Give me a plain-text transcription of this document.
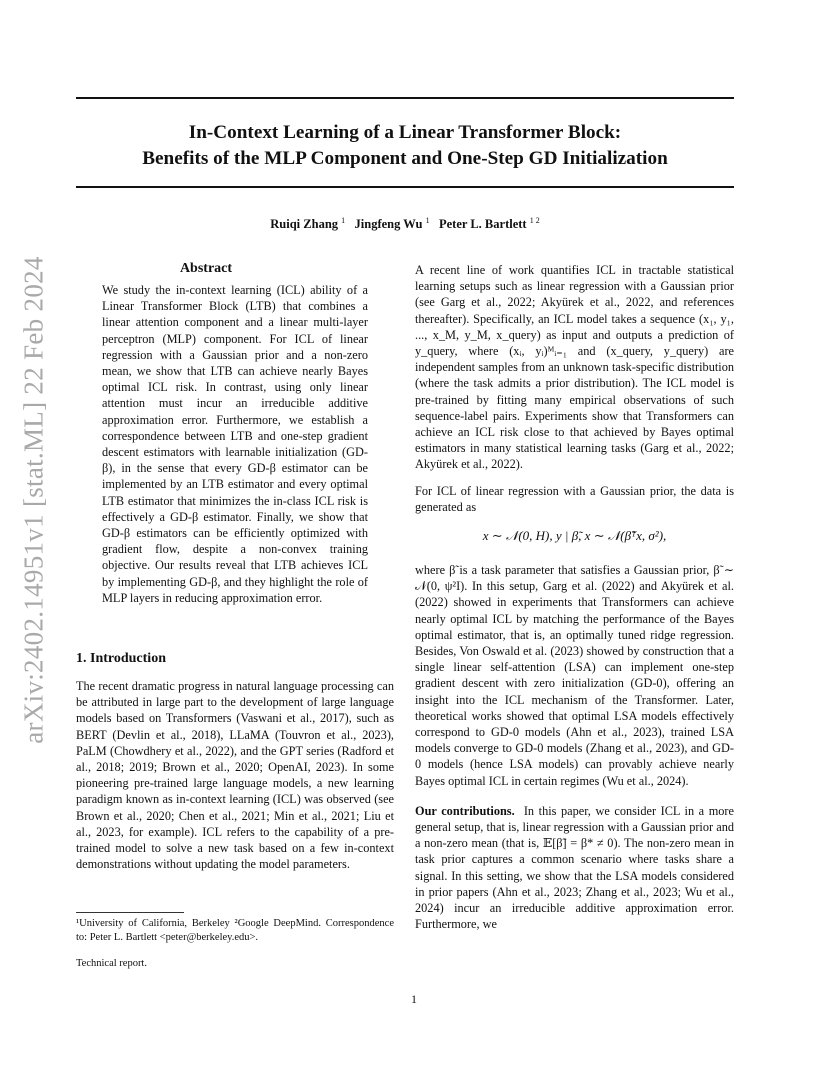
In-Context Learning of a Linear Transformer Block:
Benefits of the MLP Component and One-Step GD Initialization
Ruiqi Zhang $^1$ Jingfeng Wu $^1$ Peter L. Bartlett $^{1 2}$
arXiv:2402.14951v1 [stat.ML] 22 Feb 2024	Abstract

We study the in-context learning (ICL) ability of a Linear Transformer Block (LTB) that combines a linear attention component and a linear multi-layer perceptron (MLP) component. For ICL of linear regression with a Gaussian prior and a non-zero mean, we show that LTB can achieve nearly Bayes optimal ICL risk. In contrast, using only linear attention must incur an irreducible additive approximation error. Furthermore, we establish a correspondence between LTB and one-step gradient descent estimators with learnable initialization (GD-β), in the sense that every GD-β estimator can be implemented by an LTB estimator and every optimal LTB estimator that minimizes the in-class ICL risk is effectively a GD-β estimator. Finally, we show that GD-β estimators can be efficiently optimized with gradient flow, despite a non-convex training objective. Our results reveal that LTB achieves ICL by implementing GD-β, and they highlight the role of MLP layers in reducing approximation error.

1. Introduction

The recent dramatic progress in natural language processing can be attributed in large part to the development of large language models based on Transformers (Vaswani et al., 2017), such as BERT (Devlin et al., 2018), LLaMA (Touvron et al., 2023), PaLM (Chowdhery et al., 2022), and the GPT series (Radford et al., 2018; 2019; Brown et al., 2020; OpenAI, 2023). In some pioneering pre-trained large language models, a new learning paradigm known as in-context learning (ICL) was observed (see Brown et al., 2020; Chen et al., 2021; Min et al., 2021; Liu et al., 2023, for example). ICL refers to the capability of a pre-trained model to solve a new task based on a few in-context demonstrations without updating the model parameters.

¹University of California, Berkeley ²Google DeepMind. Correspondence to: Peter L. Bartlett <peter@berkeley.edu>.
Technical report.

A recent line of work quantifies ICL in tractable statistical learning setups such as linear regression with a Gaussian prior (see Garg et al., 2022; Akyürek et al., 2022, and references thereafter). Specifically, an ICL model takes a sequence (x₁, y₁, ..., x_M, y_M, x_query) as input and outputs a prediction of y_query, where (xᵢ, yᵢ)ᴹᵢ₌₁ and (x_query, y_query) are independent samples from an unknown task-specific distribution (where the task admits a prior distribution). The ICL model is pre-trained by fitting many empirical observations of such sequence-label pairs. Experiments show that Transformers can achieve an ICL risk close to that achieved by Bayes optimal estimators in many statistical learning tasks (Garg et al., 2022; Akyürek et al., 2022).

For ICL of linear regression with a Gaussian prior, the data is generated as

x ∼ 𝒩(0, H), y | β̃, x ∼ 𝒩(β̃ᵀx, σ²),

where β̃ is a task parameter that satisfies a Gaussian prior, β̃ ∼ 𝒩(0, ψ²I). In this setup, Garg et al. (2022) and Akyürek et al. (2022) showed in experiments that Transformers can achieve nearly optimal ICL by matching the performance of the Bayes optimal estimator, that is, an optimally tuned ridge regression. Besides, Von Oswald et al. (2023) showed by construction that a single linear self-attention (LSA) can implement one-step gradient descent with zero initialization (GD-0), offering an insight into the ICL mechanism of the Transformer. Later, theoretical works showed that optimal LSA models effectively correspond to GD-0 models (Ahn et al., 2023), trained LSA models converge to GD-0 models (Zhang et al., 2023), and GD-0 models (hence LSA models) can provably achieve nearly Bayes optimal ICL in certain regimes (Wu et al., 2024).

Our contributions. In this paper, we consider ICL in a more general setup, that is, linear regression with a Gaussian prior and a non-zero mean (that is, 𝔼[β̃] = β* ≠ 0). The non-zero mean in task prior captures a common scenario where tasks share a signal. In this setting, we show that the LSA models considered in prior papers (Ahn et al., 2023; Zhang et al., 2023; Wu et al., 2024) incur an irreducible additive approximation error. Furthermore, we

1
